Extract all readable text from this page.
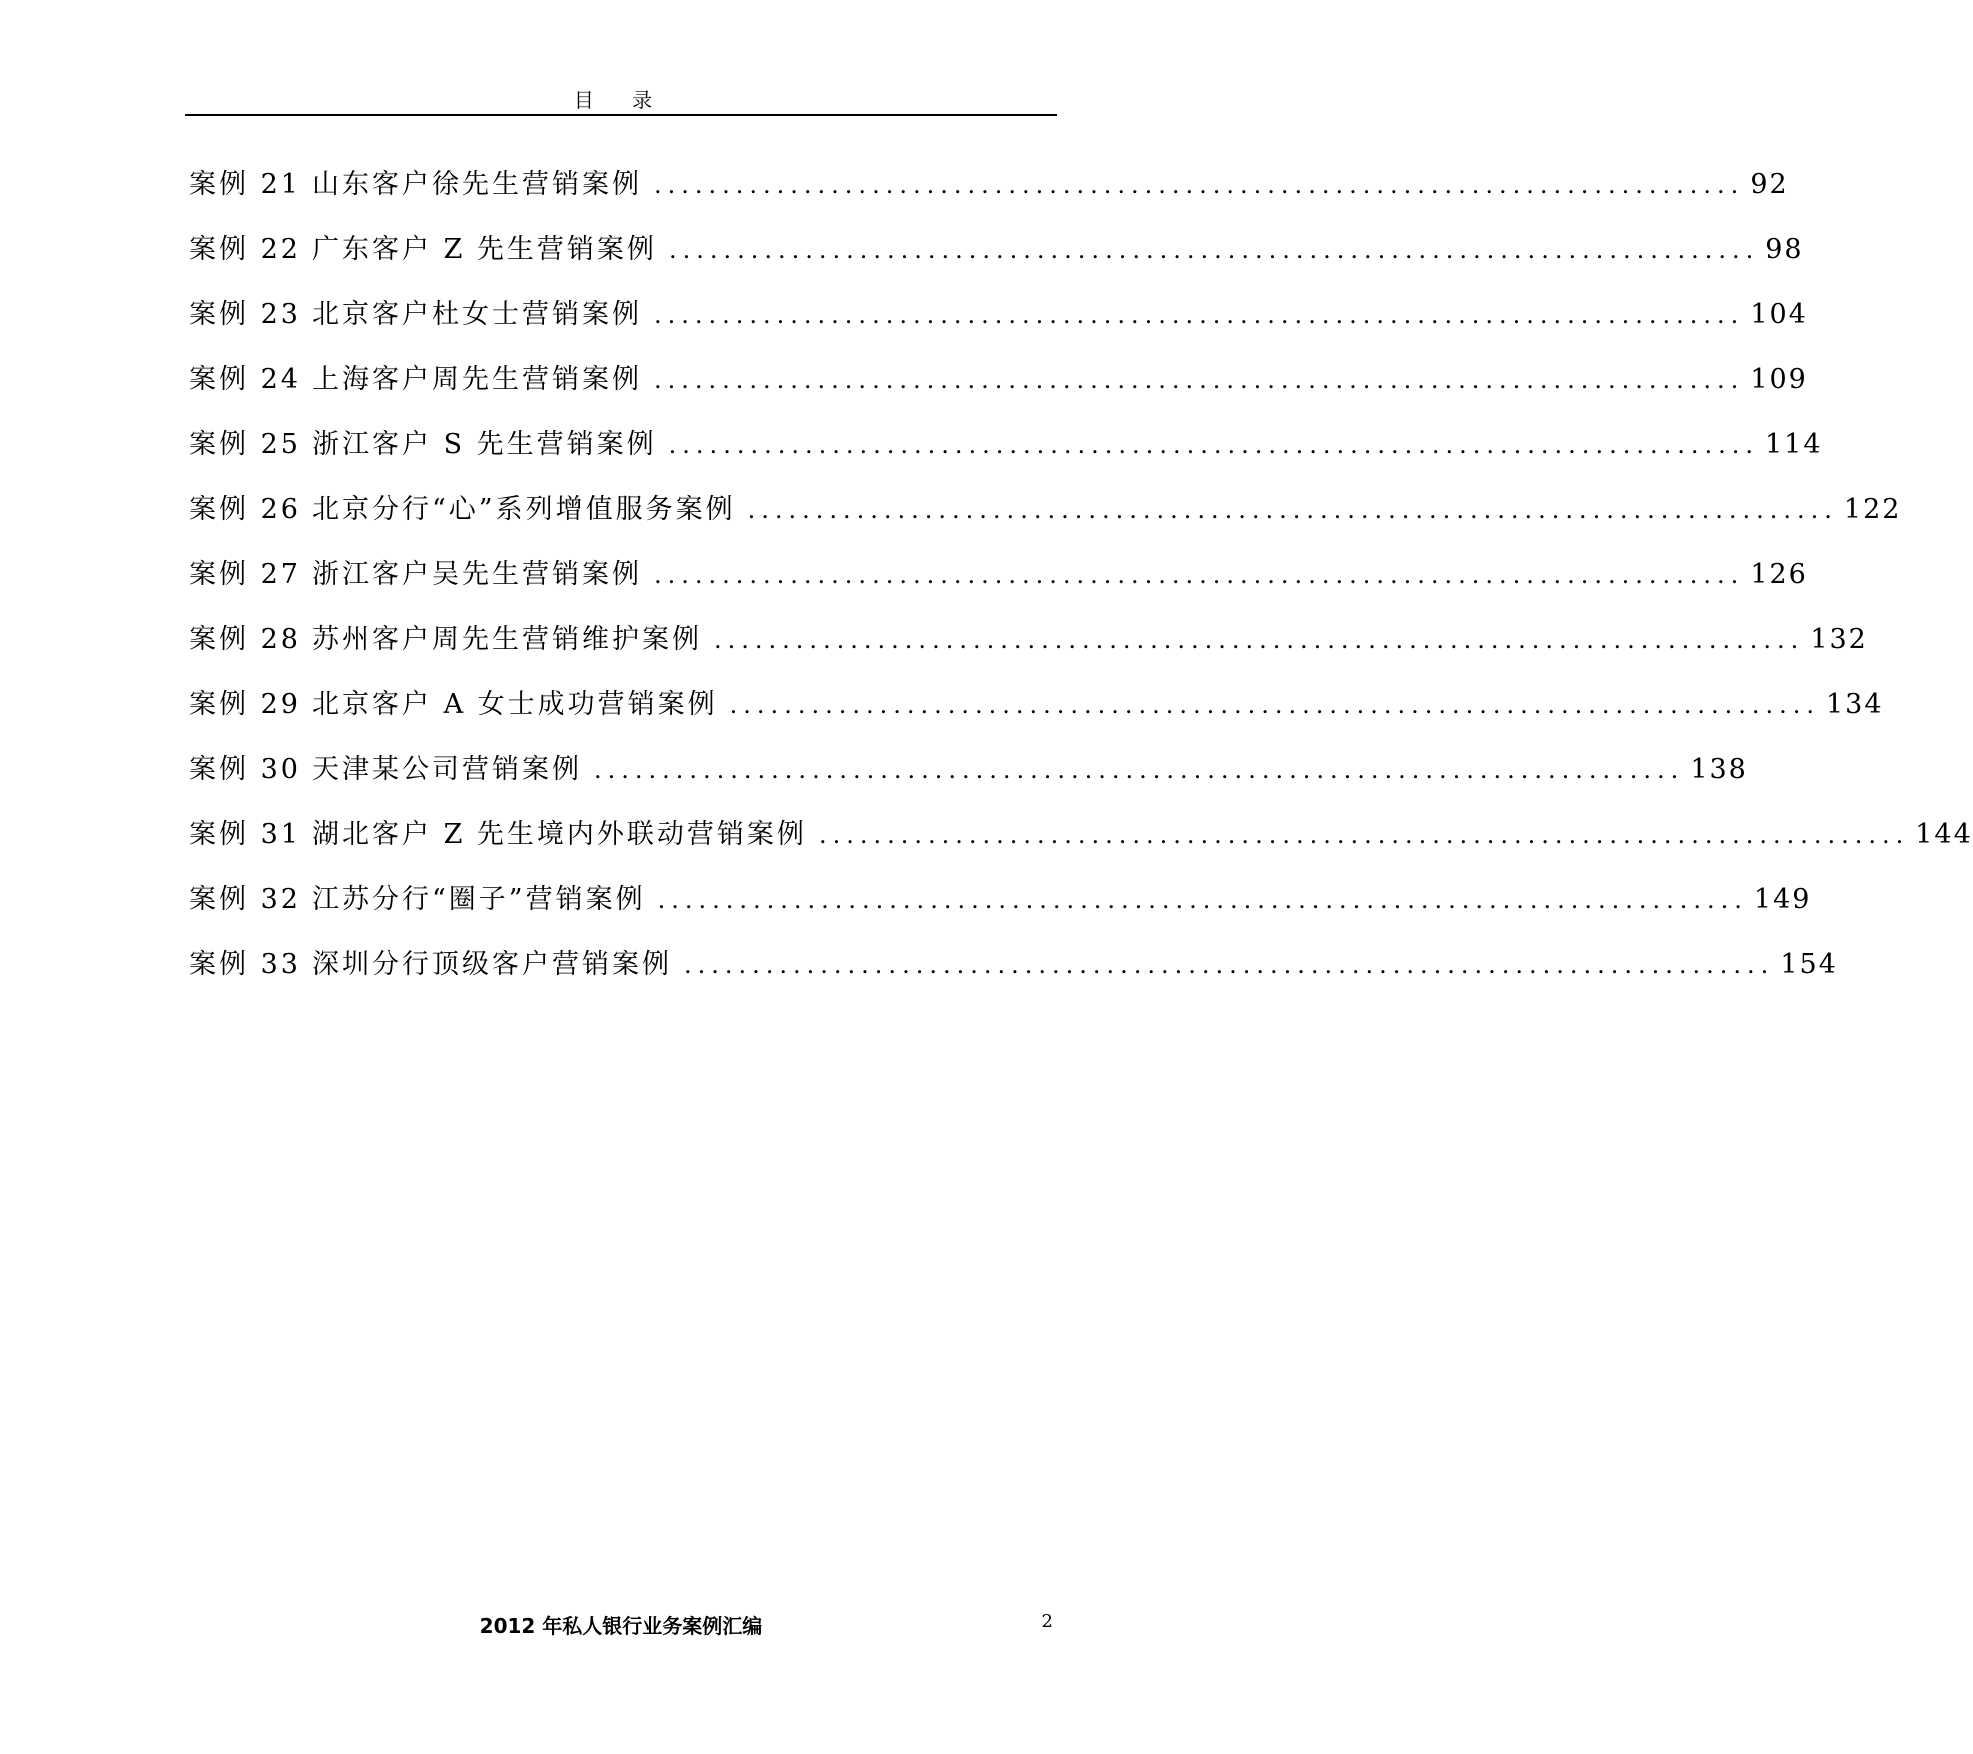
目 录
案例 21 山东客户徐先生营销案例 ................................................................................ 92
案例 22 广东客户 Z 先生营销案例 ................................................................................ 98
案例 23 北京客户杜女士营销案例 ................................................................................ 104
案例 24 上海客户周先生营销案例 ................................................................................ 109
案例 25 浙江客户 S 先生营销案例 ................................................................................ 114
案例 26 北京分行“心”系列增值服务案例 ................................................................................ 122
案例 27 浙江客户吴先生营销案例 ................................................................................ 126
案例 28 苏州客户周先生营销维护案例 ................................................................................ 132
案例 29 北京客户 A 女士成功营销案例 ................................................................................ 134
案例 30 天津某公司营销案例 ................................................................................ 138
案例 31 湖北客户 Z 先生境内外联动营销案例 ................................................................................ 144
案例 32 江苏分行“圈子”营销案例 ................................................................................ 149
案例 33 深圳分行顶级客户营销案例 ................................................................................ 154
2012 年私人银行业务案例汇编	2
